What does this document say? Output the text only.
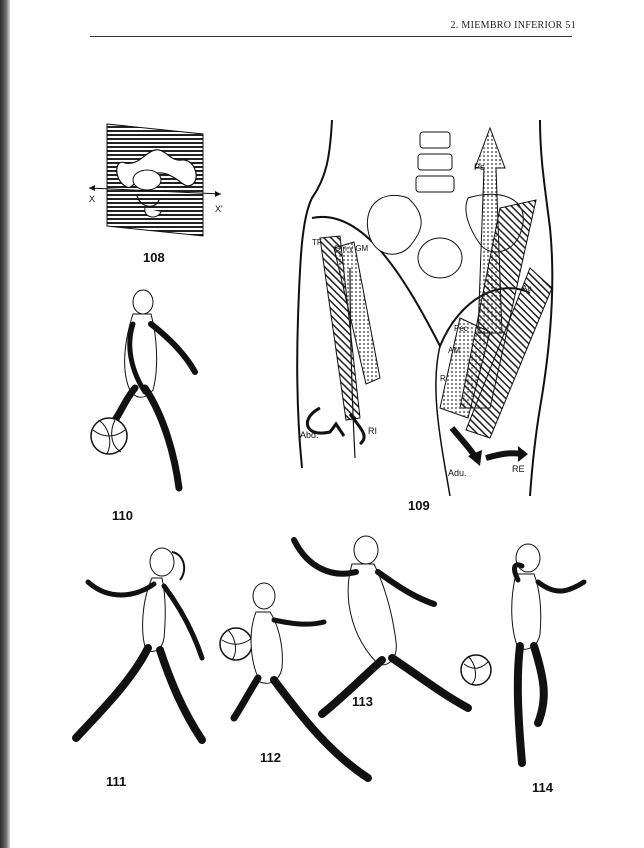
2. MIEMBRO INFERIOR 51
X
X'
108
TF
Gm y GM
Ps
Pec
AM
Aa
R
Abd.	RI
Adu.	RE
109
110
111
112
113
114
